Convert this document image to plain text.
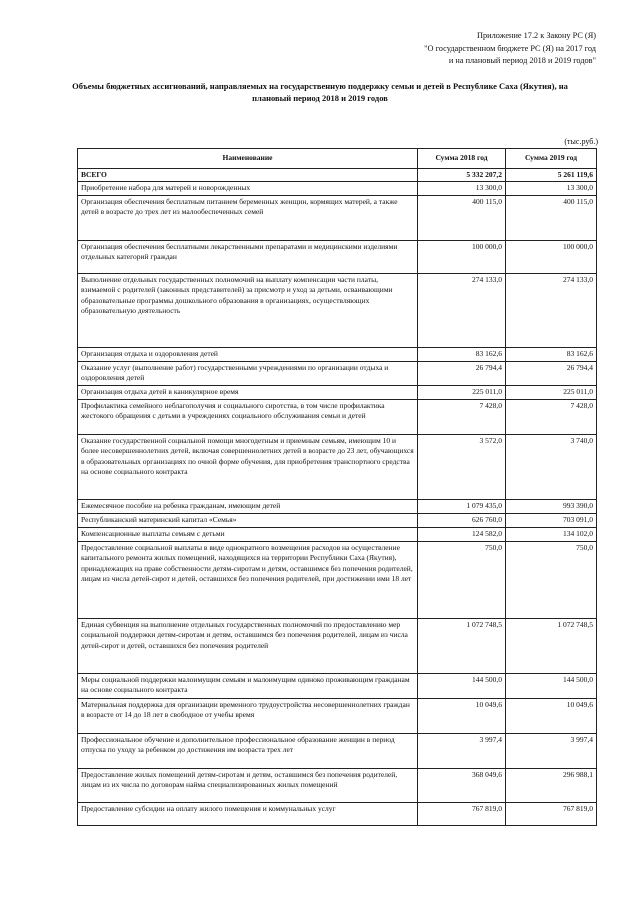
Приложение 17.2 к Закону РС (Я)
"О государственном бюджете РС (Я) на 2017 год
и на плановый период 2018 и 2019 годов"
Объемы бюджетных ассигнований, направляемых на государственную поддержку семьи и детей в Республике Саха (Якутия), на плановый период 2018 и 2019 годов
(тыс.руб.)
Наименование	Сумма 2018 год	Сумма 2019 год
ВСЕГО	5 332 207,2	5 261 119,6
Приобретение набора для матерей и новорожденных	13 300,0	13 300,0
Организация обеспечения бесплатным питанием беременных женщин, кормящих матерей, а также детей в возрасте до трех лет из малообеспеченных семей	400 115,0	400 115,0
Организация обеспечения бесплатными лекарственными препаратами и медицинскими изделиями отдельных категорий граждан	100 000,0	100 000,0
Выполнение отдельных государственных полномочий на выплату компенсации части платы, взимаемой с родителей (законных представителей) за присмотр и уход за детьми, осваивающими образовательные программы дошкольного образования в организациях, осуществляющих образовательную деятельность	274 133,0	274 133,0
Организация отдыха и оздоровления детей	83 162,6	83 162,6
Оказание услуг (выполнение работ) государственными учреждениями по организации отдыха и оздоровления детей	26 794,4	26 794,4
Организация отдыха детей в каникулярное время	225 011,0	225 011,0
Профилактика семейного неблагополучия и социального сиротства, в том числе профилактика жестокого обращения с детьми в учреждениях социального обслуживания семьи и детей	7 428,0	7 428,0
Оказание государственной социальной помощи многодетным и приемным семьям, имеющим 10 и более несовершеннолетних детей, включая совершеннолетних детей в возрасте до 23 лет, обучающихся в образовательных организациях по очной форме обучения, для приобретения транспортного средства на основе социального контракта	3 572,0	3 740,0
Ежемесячное пособие на ребенка гражданам, имеющим детей	1 079 435,0	993 390,0
Республиканский материнский капитал «Семья»	626 760,0	703 091,0
Компенсационные выплаты семьям с детьми	124 582,0	134 102,0
Предоставление социальной выплаты в виде однократного возмещения расходов на осуществление капитального ремонта жилых помещений, находящихся на территории Республики Саха (Якутия), принадлежащих на праве собственности детям-сиротам и детям, оставшимся без попечения родителей, лицам из числа детей-сирот и детей, оставшихся без попечения родителей, при достижении ими 18 лет	750,0	750,0
Единая субвенция на выполнение отдельных государственных полномочий по предоставлению мер социальной поддержки детям-сиротам и детям, оставшимся без попечения родителей, лицам из числа детей-сирот и детей, оставшихся без попечения родителей	1 072 748,5	1 072 748,5
Меры социальной поддержки малоимущим семьям и малоимущим одиноко проживающим гражданам на основе социального контракта	144 500,0	144 500,0
Материальная поддержка для организации временного трудоустройства несовершеннолетних граждан в возрасте от 14 до 18 лет в свободное от учебы время	10 049,6	10 049,6
Профессиональное обучение и дополнительное профессиональное образование женщин в период отпуска по уходу за ребенком до достижения им возраста трех лет	3 997,4	3 997,4
Предоставление жилых помещений детям-сиротам и детям, оставшимся без попечения родителей, лицам из их числа по договорам найма специализированных жилых помещений	368 049,6	296 988,1
Предоставление субсидии на оплату жилого помещения и коммунальных услуг	767 819,0	767 819,0
